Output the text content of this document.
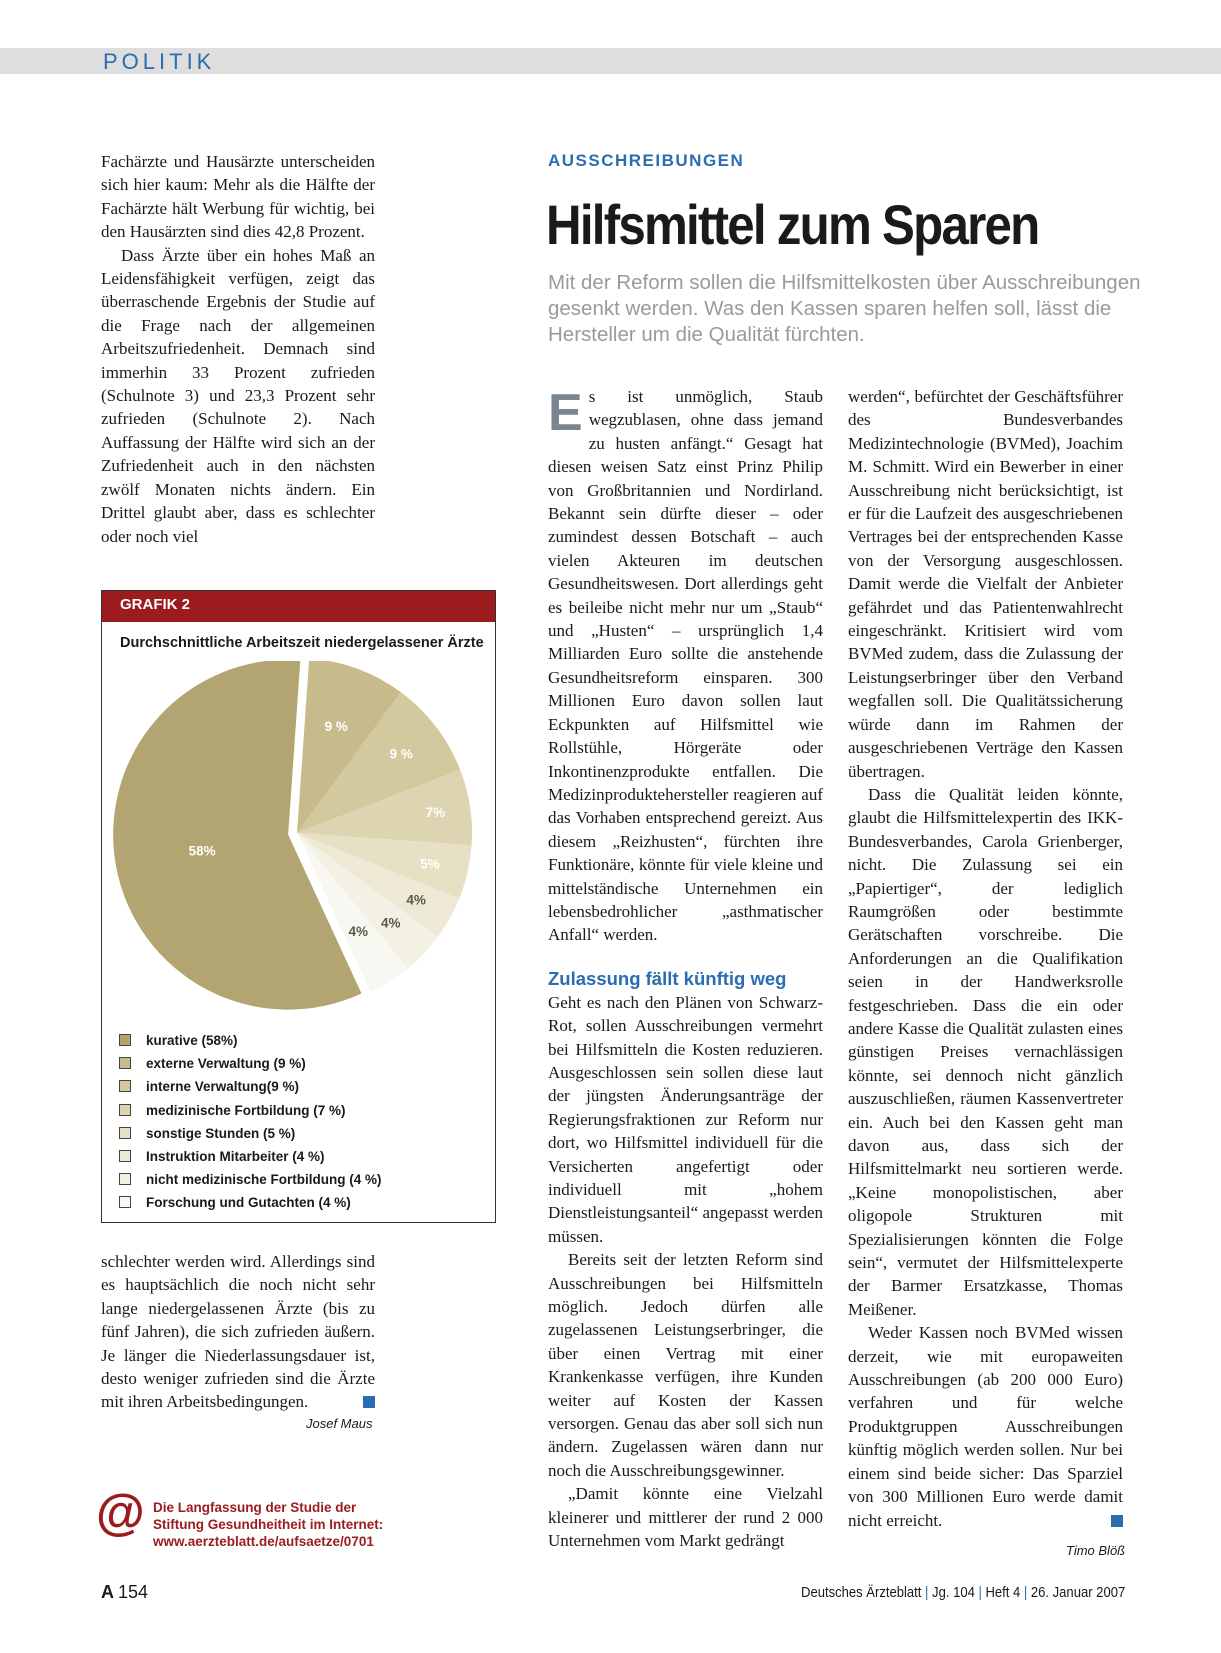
POLITIK

Fachärzte und Hausärzte unterscheiden sich hier kaum: Mehr als die Hälfte der Fachärzte hält Werbung für wichtig, bei den Hausärzten sind dies 42,8 Prozent.

Dass Ärzte über ein hohes Maß an Leidensfähigkeit verfügen, zeigt das überraschende Ergebnis der Studie auf die Frage nach der allgemeinen Arbeitszufriedenheit. Demnach sind immerhin 33 Prozent zufrieden (Schulnote 3) und 23,3 Prozent sehr zufrieden (Schulnote 2). Nach Auffassung der Hälfte wird sich an der Zufriedenheit auch in den nächsten zwölf Monaten nichts ändern. Ein Drittel glaubt aber, dass es schlechter oder noch viel

GRAFIK 2
Durchschnittliche Arbeitszeit niedergelassener Ärzte
9 %
9 %
7%
5%
4%
4%
4%
58%
kurative (58%)
externe Verwaltung (9 %)
interne Verwaltung(9 %)
medizinische Fortbildung (7 %)
sonstige Stunden (5 %)
Instruktion Mitarbeiter (4 %)
nicht medizinische Fortbildung (4 %)
Forschung und Gutachten (4 %)

schlechter werden wird. Allerdings sind es hauptsächlich die noch nicht sehr lange niedergelassenen Ärzte (bis zu fünf Jahren), die sich zufrieden äußern. Je länger die Niederlassungsdauer ist, desto weniger zufrieden sind die Ärzte mit ihren Arbeitsbedingungen.

Josef Maus
@ Die Langfassung der Studie der
Stiftung Gesundheitheit im Internet:
www.aerzteblatt.de/aufsaetze/0701
AUSSCHREIBUNGEN
Hilfsmittel zum Sparen
Mit der Reform sollen die Hilfsmittelkosten über Ausschreibungen gesenkt werden. Was den Kassen sparen helfen soll, lässt die Hersteller um die Qualität fürchten.

Es ist unmöglich, Staub wegzublasen, ohne dass jemand zu husten anfängt.“ Gesagt hat diesen weisen Satz einst Prinz Philip von Großbritannien und Nordirland. Bekannt sein dürfte dieser – oder zumindest dessen Botschaft – auch vielen Akteuren im deutschen Gesundheitswesen. Dort allerdings geht es beileibe nicht mehr nur um „Staub“ und „Husten“ – ursprünglich 1,4 Milliarden Euro sollte die anstehende Gesundheitsreform einsparen. 300 Millionen Euro davon sollen laut Eckpunkten auf Hilfsmittel wie Rollstühle, Hörgeräte oder Inkontinenzprodukte entfallen. Die Medizinproduktehersteller reagieren auf das Vorhaben entsprechend gereizt. Aus diesem „Reizhusten“, fürchten ihre Funktionäre, könnte für viele kleine und mittelständische Unternehmen ein lebensbedrohlicher „asthmatischer Anfall“ werden.

Zulassung fällt künftig weg

Geht es nach den Plänen von Schwarz-Rot, sollen Ausschreibungen vermehrt bei Hilfsmitteln die Kosten reduzieren. Ausgeschlossen sein sollen diese laut der jüngsten Änderungsanträge der Regierungsfraktionen zur Reform nur dort, wo Hilfsmittel individuell für die Versicherten angefertigt oder individuell mit „hohem Dienstleistungsanteil“ angepasst werden müssen.

Bereits seit der letzten Reform sind Ausschreibungen bei Hilfsmitteln möglich. Jedoch dürfen alle zugelassenen Leistungserbringer, die über einen Vertrag mit einer Krankenkasse verfügen, ihre Kunden weiter auf Kosten der Kassen versorgen. Genau das aber soll sich nun ändern. Zugelassen wären dann nur noch die Ausschreibungsgewinner.

„Damit könnte eine Vielzahl kleinerer und mittlerer der rund 2 000 Unternehmen vom Markt gedrängt

werden“, befürchtet der Geschäftsführer des Bundesverbandes Medizintechnologie (BVMed), Joachim M. Schmitt. Wird ein Bewerber in einer Ausschreibung nicht berücksichtigt, ist er für die Laufzeit des ausgeschriebenen Vertrages bei der entsprechenden Kasse von der Versorgung ausgeschlossen. Damit werde die Vielfalt der Anbieter gefährdet und das Patientenwahlrecht eingeschränkt. Kritisiert wird vom BVMed zudem, dass die Zulassung der Leistungserbringer über den Verband wegfallen soll. Die Qualitätssicherung würde dann im Rahmen der ausgeschriebenen Verträge den Kassen übertragen.

Dass die Qualität leiden könnte, glaubt die Hilfsmittelexpertin des IKK-Bundesverbandes, Carola Grienberger, nicht. Die Zulassung sei ein „Papiertiger“, der lediglich Raumgrößen oder bestimmte Gerätschaften vorschreibe. Die Anforderungen an die Qualifikation seien in der Handwerksrolle festgeschrieben. Dass die ein oder andere Kasse die Qualität zulasten eines günstigen Preises vernachlässigen könnte, sei dennoch nicht gänzlich auszuschließen, räumen Kassenvertreter ein. Auch bei den Kassen geht man davon aus, dass sich der Hilfsmittelmarkt neu sortieren werde. „Keine monopolistischen, aber oligopole Strukturen mit Spezialisierungen könnten die Folge sein“, vermutet der Hilfsmittelexperte der Barmer Ersatzkasse, Thomas Meißener.

Weder Kassen noch BVMed wissen derzeit, wie mit europaweiten Ausschreibungen (ab 200 000 Euro) verfahren und für welche Produktgruppen Ausschreibungen künftig möglich werden sollen. Nur bei einem sind beide sicher: Das Sparziel von 300 Millionen Euro werde damit nicht erreicht.

Timo Blöß
A 154	Deutsches Ärzteblatt | Jg. 104 | Heft 4 | 26. Januar 2007
